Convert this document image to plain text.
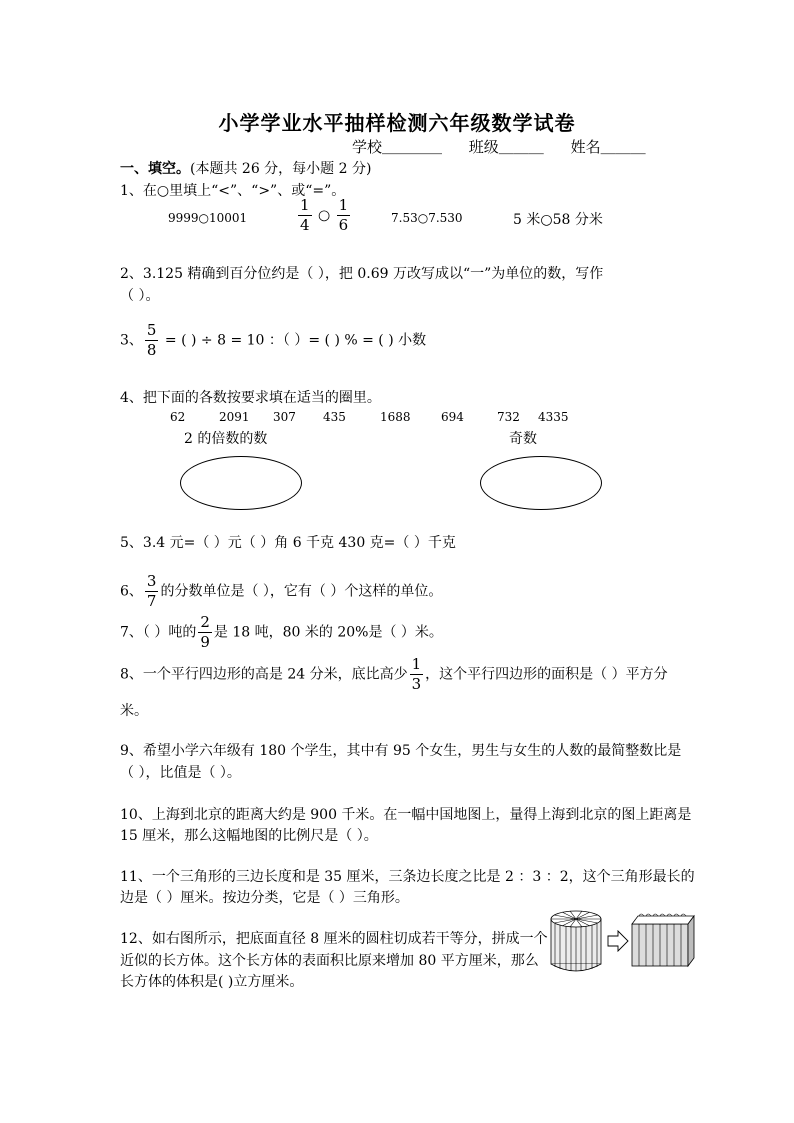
小学学业水平抽样检测六年级数学试卷
学校＿＿＿＿ 班级＿＿＿ 姓名＿＿＿
一、填空。(本题共 26 分，每小题 2 分)
1、在○里填上“<”、“>”、或“=”。
9999○10001	$\frac{1}{4}$ ○ $\frac{1}{6}$	7.53○7.530	5 米○58 分米
2、3.125 精确到百分位约是（ ），把 0.69 万改写成以“一”为单位的数，写作
（ ）。
3、 $\frac{5}{8}$ = ( ) ÷ 8 = 10 ：（ ）= ( ) % = ( ) 小数
4、把下面的各数按要求填在适当的圈里。
62	2091 307 435	1688	694	732 4335
2 的倍数的数	奇数
5、3.4 元=（ ）元（ ）角 6 千克 430 克=（ ）千克
6、 $\frac{3}{7}$ 的分数单位是（ ），它有（ ）个这样的单位。
7、（ ）吨的 $\frac{2}{9}$ 是 18 吨，80 米的 20%是（ ）米。
8、一个平行四边形的高是 24 分米，底比高少 $\frac{1}{3}$ ，这个平行四边形的面积是（ ）平方分
米。
9、希望小学六年级有 180 个学生，其中有 95 个女生，男生与女生的人数的最简整数比是
（ ），比值是（ ）。
10、上海到北京的距离大约是 900 千米。在一幅中国地图上，量得上海到北京的图上距离是
15 厘米，那么这幅地图的比例尺是（ ）。
11、一个三角形的三边长度和是 35 厘米，三条边长度之比是 2 ：3 ：2，这个三角形最长的
边是（ ）厘米。按边分类，它是（ ）三角形。
12、如右图所示，把底面直径 8 厘米的圆柱切成若干等分，拼成一个
近似的长方体。这个长方体的表面积比原来增加 80 平方厘米，那么
长方体的体积是( )立方厘米。
